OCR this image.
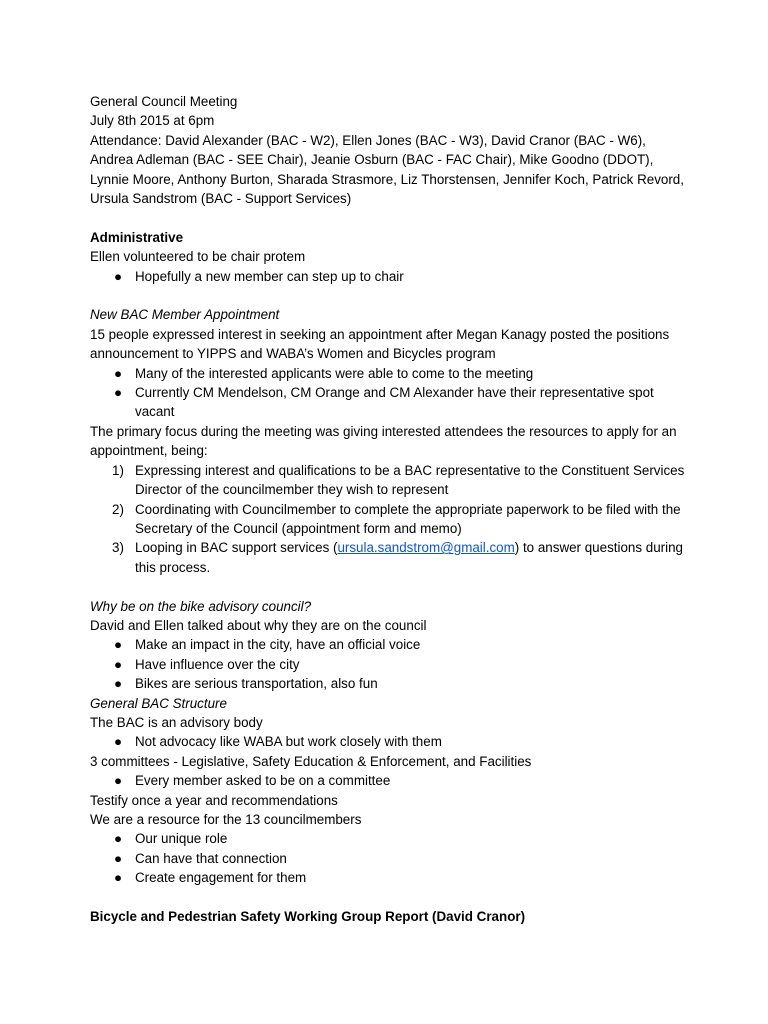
General Council Meeting

July 8th 2015 at 6pm

Attendance: David Alexander (BAC - W2), Ellen Jones (BAC - W3), David Cranor (BAC - W6), Andrea Adleman (BAC - SEE Chair), Jeanie Osburn (BAC - FAC Chair), Mike Goodno (DDOT), Lynnie Moore, Anthony Burton, Sharada Strasmore, Liz Thorstensen, Jennifer Koch, Patrick Revord, Ursula Sandstrom (BAC - Support Services)

Administrative

Ellen volunteered to be chair protem

● Hopefully a new member can step up to chair

New BAC Member Appointment

15 people expressed interest in seeking an appointment after Megan Kanagy posted the positions announcement to YIPPS and WABA’s Women and Bicycles program

● Many of the interested applicants were able to come to the meeting
● Currently CM Mendelson, CM Orange and CM Alexander have their representative spot vacant

The primary focus during the meeting was giving interested attendees the resources to apply for an appointment, being:

1) Expressing interest and qualifications to be a BAC representative to the Constituent Services Director of the councilmember they wish to represent
2) Coordinating with Councilmember to complete the appropriate paperwork to be filed with the Secretary of the Council (appointment form and memo)
3) Looping in BAC support services (ursula.sandstrom@gmail.com) to answer questions during this process.

Why be on the bike advisory council?

David and Ellen talked about why they are on the council

● Make an impact in the city, have an official voice
● Have influence over the city
● Bikes are serious transportation, also fun

General BAC Structure

The BAC is an advisory body

● Not advocacy like WABA but work closely with them

3 committees - Legislative, Safety Education & Enforcement, and Facilities

● Every member asked to be on a committee

Testify once a year and recommendations

We are a resource for the 13 councilmembers

● Our unique role
● Can have that connection
● Create engagement for them

Bicycle and Pedestrian Safety Working Group Report (David Cranor)
